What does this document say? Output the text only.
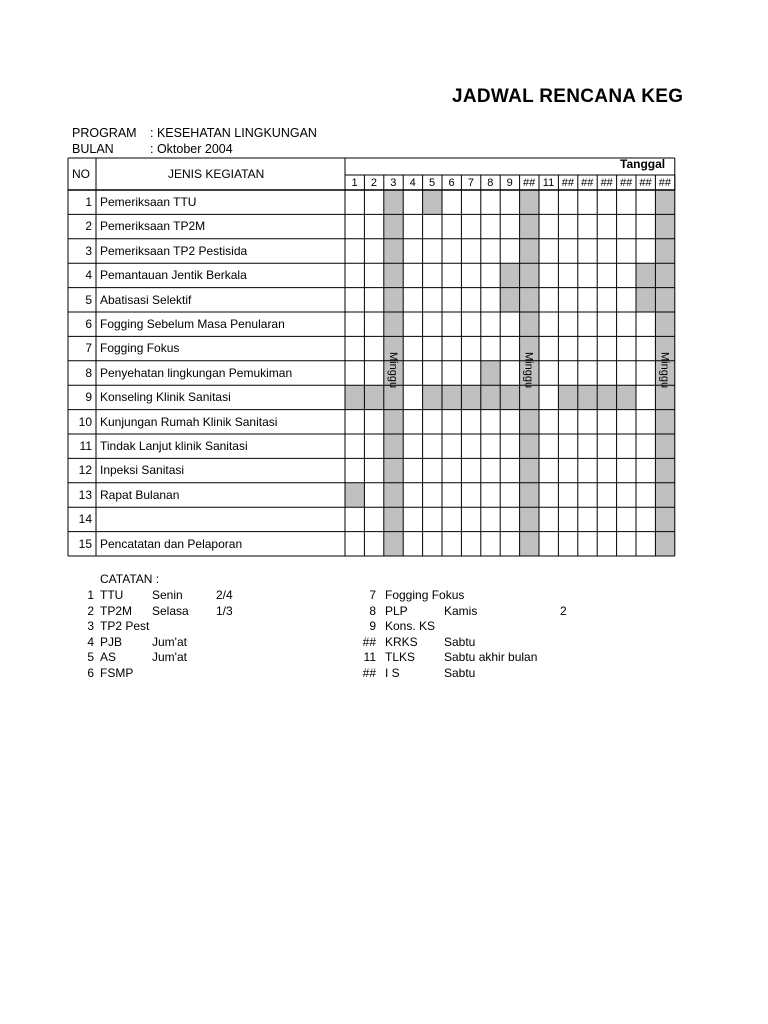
JADWAL RENCANA KEG
PROGRAM : KESEHATAN LINGKUNGAN
BULAN	: Oktober 2004
NO	JENIS KEGIATAN
Tanggal
1	2	3	4	5	6	7	8	9 ## 11 ## ## ## ## ## ##
1 Pemeriksaan TTU
2 Pemeriksaan TP2M
3 Pemeriksaan TP2 Pestisida
4 Pemantauan Jentik Berkala
5 Abatisasi Selektif
6 Fogging Sebelum Masa Penularan
7 Fogging Fokus
8 Penyehatan lingkungan Pemukiman
9 Konseling Klinik Sanitasi
10 Kunjungan Rumah Klinik Sanitasi
11 Tindak Lanjut klinik Sanitasi
12 Inpeksi Sanitasi
13 Rapat Bulanan
14
15 Pencatatan dan Pelaporan
Minggu	Minggu	Minggu
CATATAN :
1 TTU Senin	2/4
2 TP2M Selasa 1/3
3 TP2 Pest
4 PJB Jum'at
5 AS	Jum'at
6 FSMP
7 Fogging Fokus
8 PLP	Kamis	2
9 Kons. KS
## KRKS Sabtu
11 TLKS Sabtu akhir bulan
## I S	Sabtu
